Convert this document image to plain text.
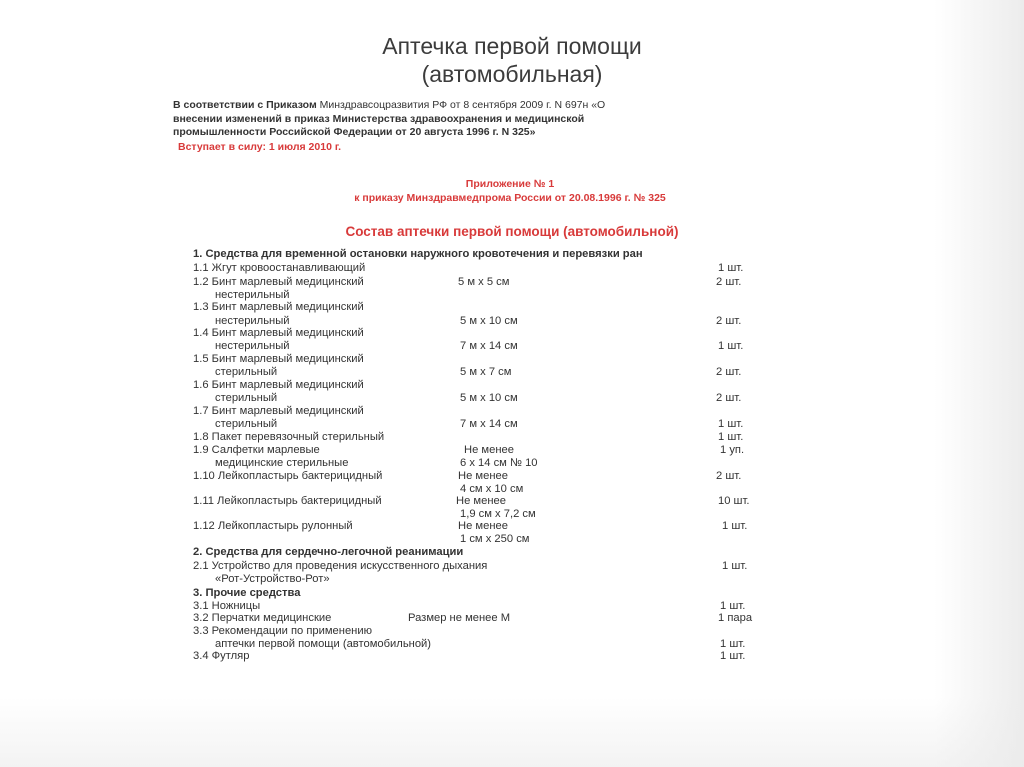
Аптечка первой помощи
(автомобильная)
В соответствии с Приказом Минздравсоцразвития РФ от 8 сентября 2009 г. N 697н «О
внесении изменений в приказ Министерства здравоохранения и медицинской
промышленности Российской Федерации от 20 августа 1996 г. N 325»
Вступает в силу: 1 июля 2010 г.
Приложение № 1
к приказу Минздравмедпрома России от 20.08.1996 г. № 325
Состав аптечки первой помощи (автомобильной)
1. Средства для временной остановки наружного кровотечения и перевязки ран
1.1 Жгут кровоостанавливающий	1 шт.
1.2 Бинт марлевый медицинский	5 м х 5 см	2 шт.
нестерильный
1.3 Бинт марлевый медицинский
нестерильный	5 м х 10 см	2 шт.
1.4 Бинт марлевый медицинский
нестерильный	7 м х 14 см	1 шт.
1.5 Бинт марлевый медицинский
стерильный	5 м х 7 см	2 шт.
1.6 Бинт марлевый медицинский
стерильный	5 м х 10 см	2 шт.
1.7 Бинт марлевый медицинский
стерильный	7 м х 14 см	1 шт.
1.8 Пакет перевязочный стерильный	1 шт.
1.9 Салфетки марлевые	Не менее	1 уп.
медицинские стерильные	6 х 14 см № 10
1.10 Лейкопластырь бактерицидный	Не менее	2 шт.
4 см х 10 см
1.11 Лейкопластырь бактерицидный	Не менее	10 шт.
1,9 см х 7,2 см
1.12 Лейкопластырь рулонный	Не менее	1 шт.
1 см х 250 см
2. Средства для сердечно-легочной реанимации
2.1 Устройство для проведения искусственного дыхания	1 шт.
«Рот-Устройство-Рот»
3. Прочие средства
3.1 Ножницы	1 шт.
3.2 Перчатки медицинские	Размер не менее М	1 пара
3.3 Рекомендации по применению
аптечки первой помощи (автомобильной)	1 шт.
3.4 Футляр	1 шт.
